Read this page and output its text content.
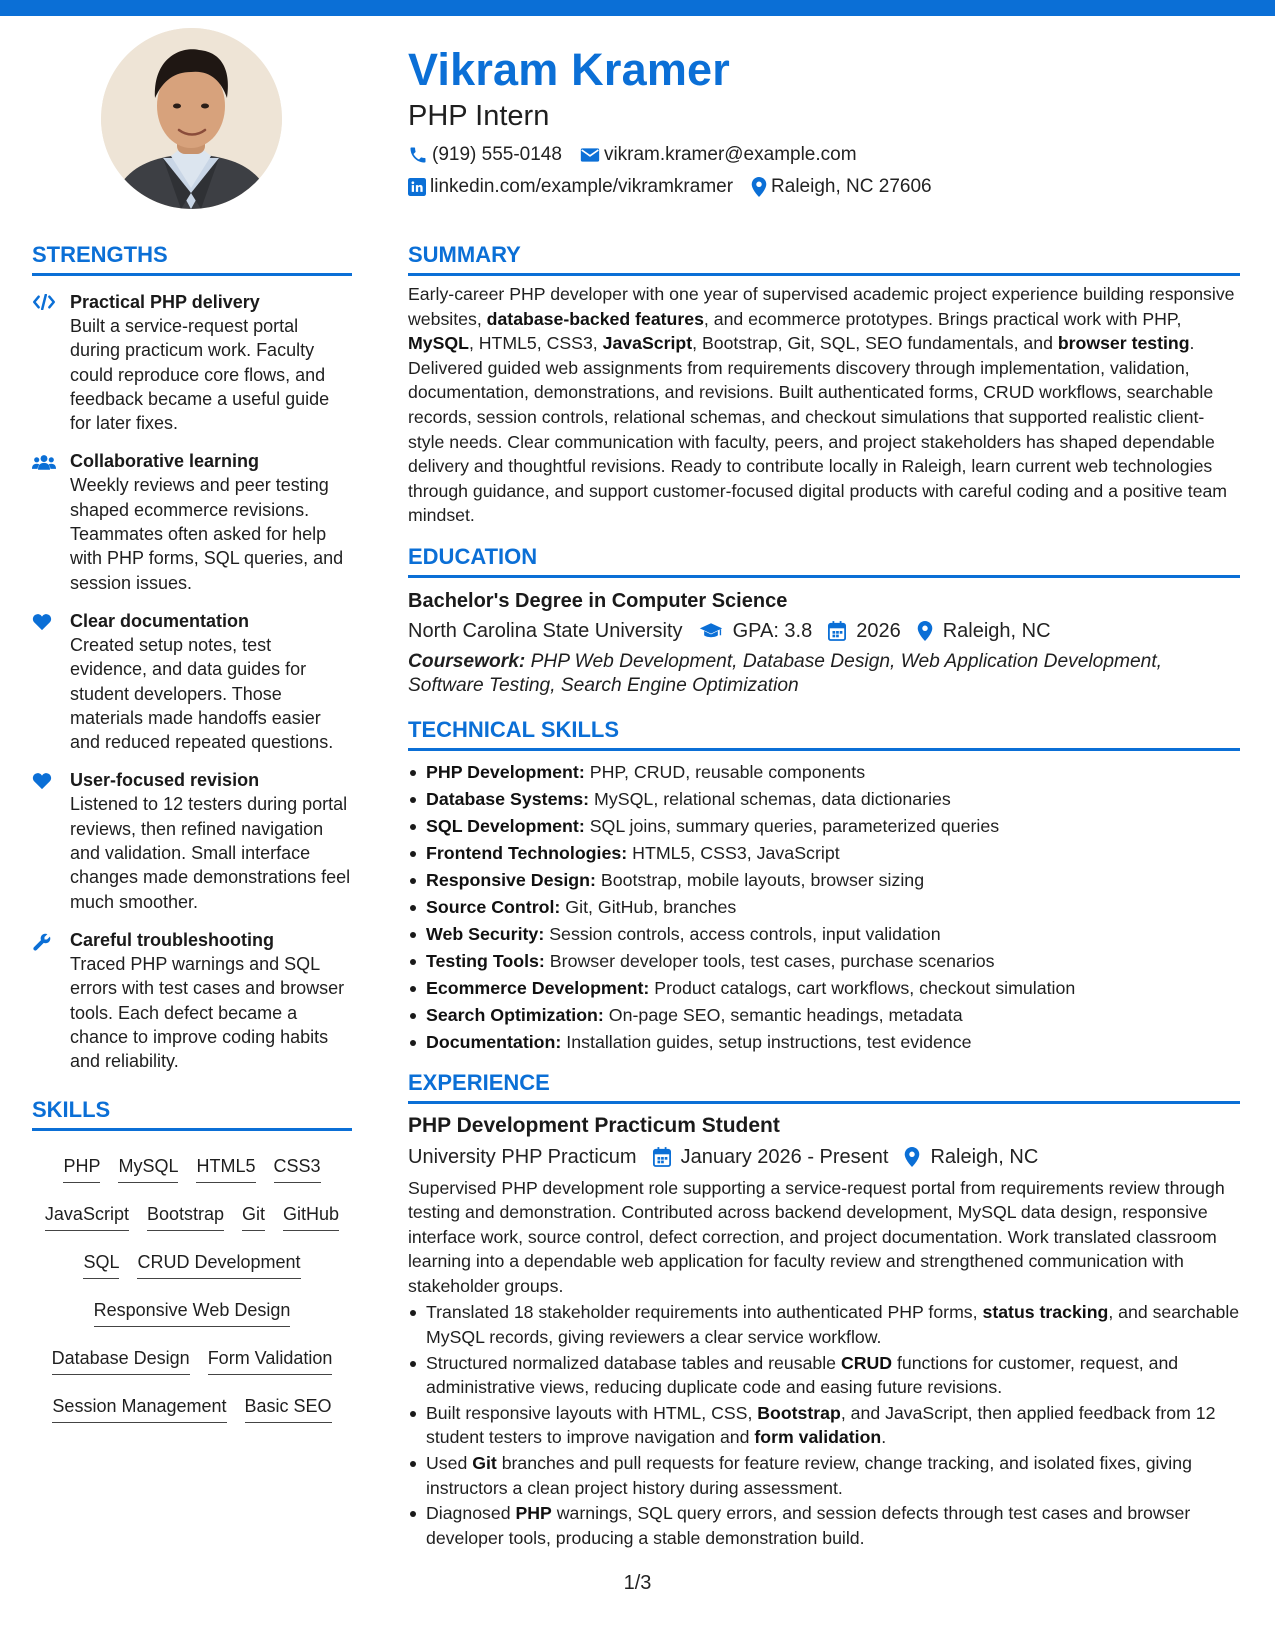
Vikram Kramer
PHP Intern
(919) 555-0148 vikram.kramer@example.com
linkedin.com/example/vikramkramer Raleigh, NC 27606
STRENGTHS
Practical PHP delivery
Built a service-request portal during practicum work. Faculty could reproduce core flows, and feedback became a useful guide for later fixes.
Collaborative learning
Weekly reviews and peer testing shaped ecommerce revisions. Teammates often asked for help with PHP forms, SQL queries, and session issues.
Clear documentation
Created setup notes, test evidence, and data guides for student developers. Those materials made handoffs easier and reduced repeated questions.
User-focused revision
Listened to 12 testers during portal reviews, then refined navigation and validation. Small interface changes made demonstrations feel much smoother.
Careful troubleshooting
Traced PHP warnings and SQL errors with test cases and browser tools. Each defect became a chance to improve coding habits and reliability.
SKILLS
PHP MySQL HTML5 CSS3
JavaScript Bootstrap Git GitHub
SQL CRUD Development
Responsive Web Design
Database Design Form Validation
Session Management Basic SEO
SUMMARY
Early-career PHP developer with one year of supervised academic project experience building responsive websites, database-backed features, and ecommerce prototypes. Brings practical work with PHP, MySQL, HTML5, CSS3, JavaScript, Bootstrap, Git, SQL, SEO fundamentals, and browser testing. Delivered guided web assignments from requirements discovery through implementation, validation, documentation, demonstrations, and revisions. Built authenticated forms, CRUD workflows, searchable records, session controls, relational schemas, and checkout simulations that supported realistic client-style needs. Clear communication with faculty, peers, and project stakeholders has shaped dependable delivery and thoughtful revisions. Ready to contribute locally in Raleigh, learn current web technologies through guidance, and support customer-focused digital products with careful coding and a positive team mindset.
EDUCATION
Bachelor's Degree in Computer Science
North Carolina State University	GPA: 3.8 2026 Raleigh, NC
Coursework: PHP Web Development, Database Design, Web Application Development, Software Testing, Search Engine Optimization
TECHNICAL SKILLS
PHP Development: PHP, CRUD, reusable components
Database Systems: MySQL, relational schemas, data dictionaries
SQL Development: SQL joins, summary queries, parameterized queries
Frontend Technologies: HTML5, CSS3, JavaScript
Responsive Design: Bootstrap, mobile layouts, browser sizing
Source Control: Git, GitHub, branches
Web Security: Session controls, access controls, input validation
Testing Tools: Browser developer tools, test cases, purchase scenarios
Ecommerce Development: Product catalogs, cart workflows, checkout simulation
Search Optimization: On-page SEO, semantic headings, metadata
Documentation: Installation guides, setup instructions, test evidence
EXPERIENCE
PHP Development Practicum Student
University PHP Practicum January 2026 - Present Raleigh, NC
Supervised PHP development role supporting a service-request portal from requirements review through testing and demonstration. Contributed across backend development, MySQL data design, responsive interface work, source control, defect correction, and project documentation. Work translated classroom learning into a dependable web application for faculty review and strengthened communication with stakeholder groups.
Translated 18 stakeholder requirements into authenticated PHP forms, status tracking, and searchable MySQL records, giving reviewers a clear service workflow.
Structured normalized database tables and reusable CRUD functions for customer, request, and administrative views, reducing duplicate code and easing future revisions.
Built responsive layouts with HTML, CSS, Bootstrap, and JavaScript, then applied feedback from 12 student testers to improve navigation and form validation.
Used Git branches and pull requests for feature review, change tracking, and isolated fixes, giving instructors a clean project history during assessment.
Diagnosed PHP warnings, SQL query errors, and session defects through test cases and browser developer tools, producing a stable demonstration build.
1/3
